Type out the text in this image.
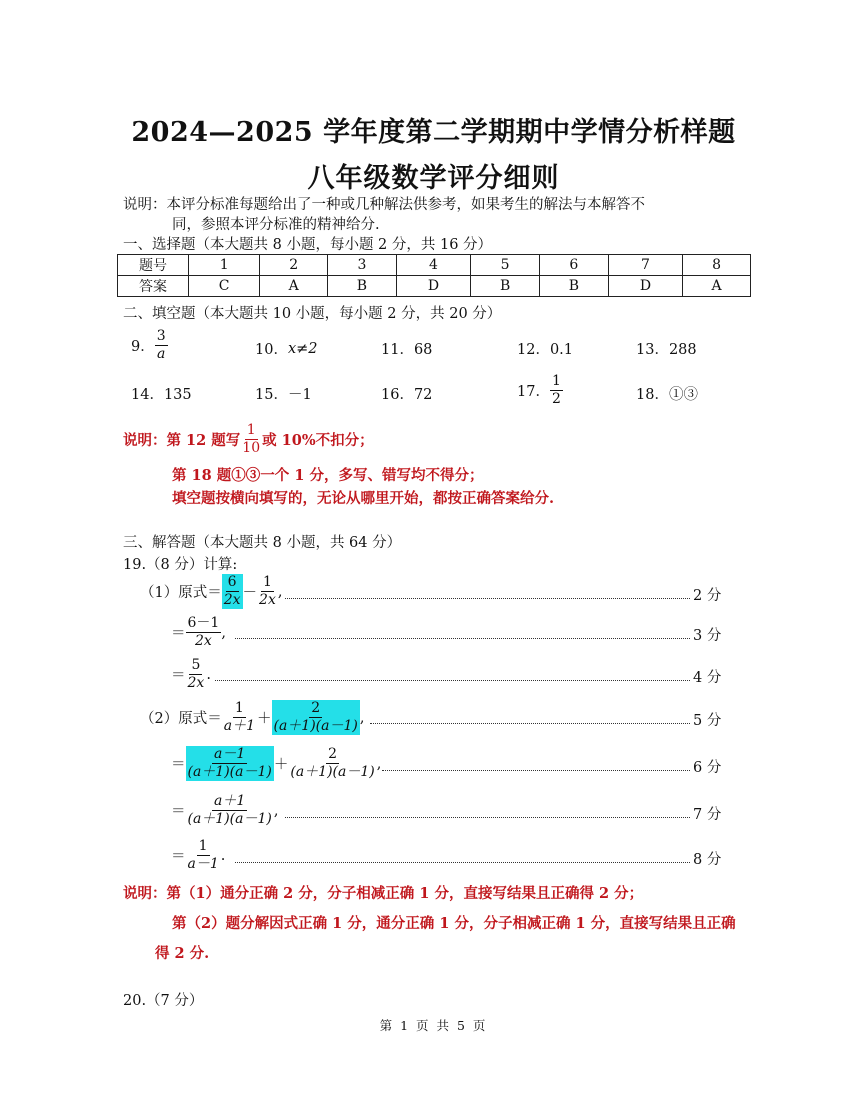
2024—2025 学年度第二学期期中学情分析样题
八年级数学评分细则
说明：本评分标准每题给出了一种或几种解法供参考，如果考生的解法与本解答不
同，参照本评分标准的精神给分.
一、选择题（本大题共 8 小题，每小题 2 分，共 16 分）
题号	1	2	3	4	5	6	7	8
答案	C	A	B	D	B	B	D	A
二、填空题（本大题共 10 小题，每小题 2 分，共 20 分）
9． $\frac{3}{a}$	10． x≠2	11．68	12．0.1	13．288
14．135	15．－1	16．72	17． $\frac{1}{2}$	18．①③
说明：第 12 题写 $\frac{1}{10}$ 或 10%不扣分；
第 18 题①③一个 1 分，多写、错写均不得分；
填空题按横向填写的，无论从哪里开始，都按正确答案给分.
三、解答题（本大题共 8 小题，共 64 分）
19.（8 分）计算:
（1）原式＝ $\frac{6}{2x} - \frac{1}{2x}$ ,	2 分
＝ $\frac{6-1}{2x}$ ,	3 分
＝ $\frac{5}{2x}$ .	4 分
（2）原式＝ $\frac{1}{a+1} + \frac{2}{(a+1)(a-1)}$ ,	5 分
＝ $\frac{a-1}{(a+1)(a-1)} + \frac{2}{(a+1)(a-1)}$ ,	6 分
＝ $\frac{a+1}{(a+1)(a-1)}$ ,	7 分
＝ $\frac{1}{a-1}$ .	8 分
说明：第（1）通分正确 2 分，分子相减正确 1 分，直接写结果且正确得 2 分；
第（2）题分解因式正确 1 分，通分正确 1 分，分子相减正确 1 分，直接写结果且正确
得 2 分.
20.（7 分）
第 1 页 共 5 页
